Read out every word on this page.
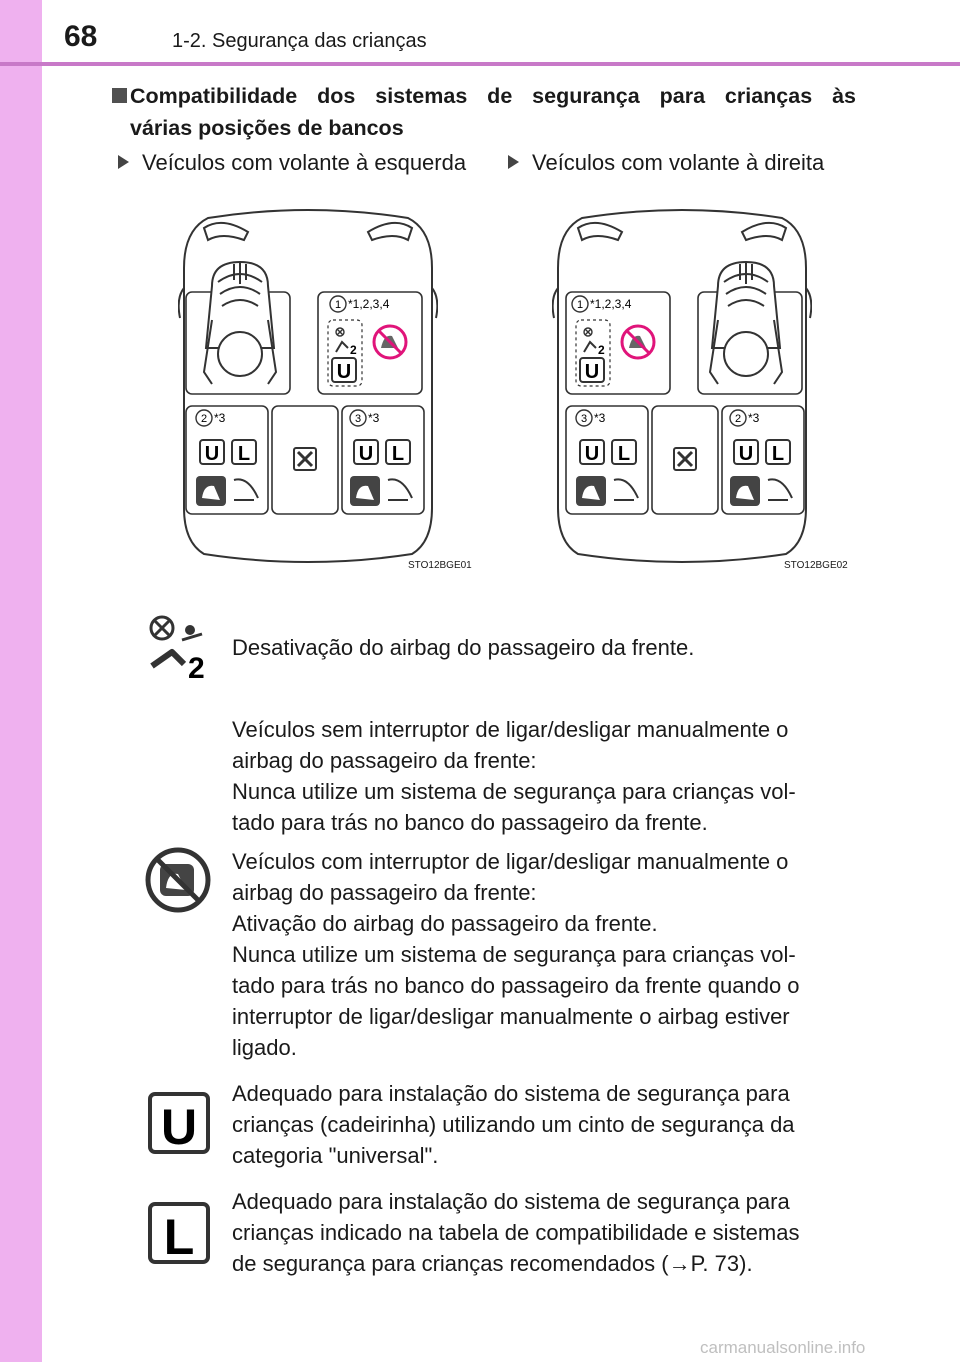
68	1-2. Segurança das crianças
Compatibilidade dos sistemas de segurança para crianças às
várias posições de bancos
Veículos com volante à esquerda	Veículos com volante à direita
1 *1,2,3,4
2
U
2 *3
U L
3 *3
U L
STO12BGE01
1 *1,2,3,4
2
U
3 *3
U L
2 *3
U L
STO12BGE02
2
Desativação do airbag do passageiro da frente.
Veículos sem interruptor de ligar/desligar manualmente o
airbag do passageiro da frente:
Nunca utilize um sistema de segurança para crianças vol-
tado para trás no banco do passageiro da frente.
Veículos com interruptor de ligar/desligar manualmente o
airbag do passageiro da frente:
Ativação do airbag do passageiro da frente.
Nunca utilize um sistema de segurança para crianças vol-
tado para trás no banco do passageiro da frente quando o
interruptor de ligar/desligar manualmente o airbag estiver
ligado.
U
Adequado para instalação do sistema de segurança para
crianças (cadeirinha) utilizando um cinto de segurança da
categoria "universal".
L
Adequado para instalação do sistema de segurança para
crianças indicado na tabela de compatibilidade e sistemas
de segurança para crianças recomendados (→P. 73).
carmanualsonline.info
